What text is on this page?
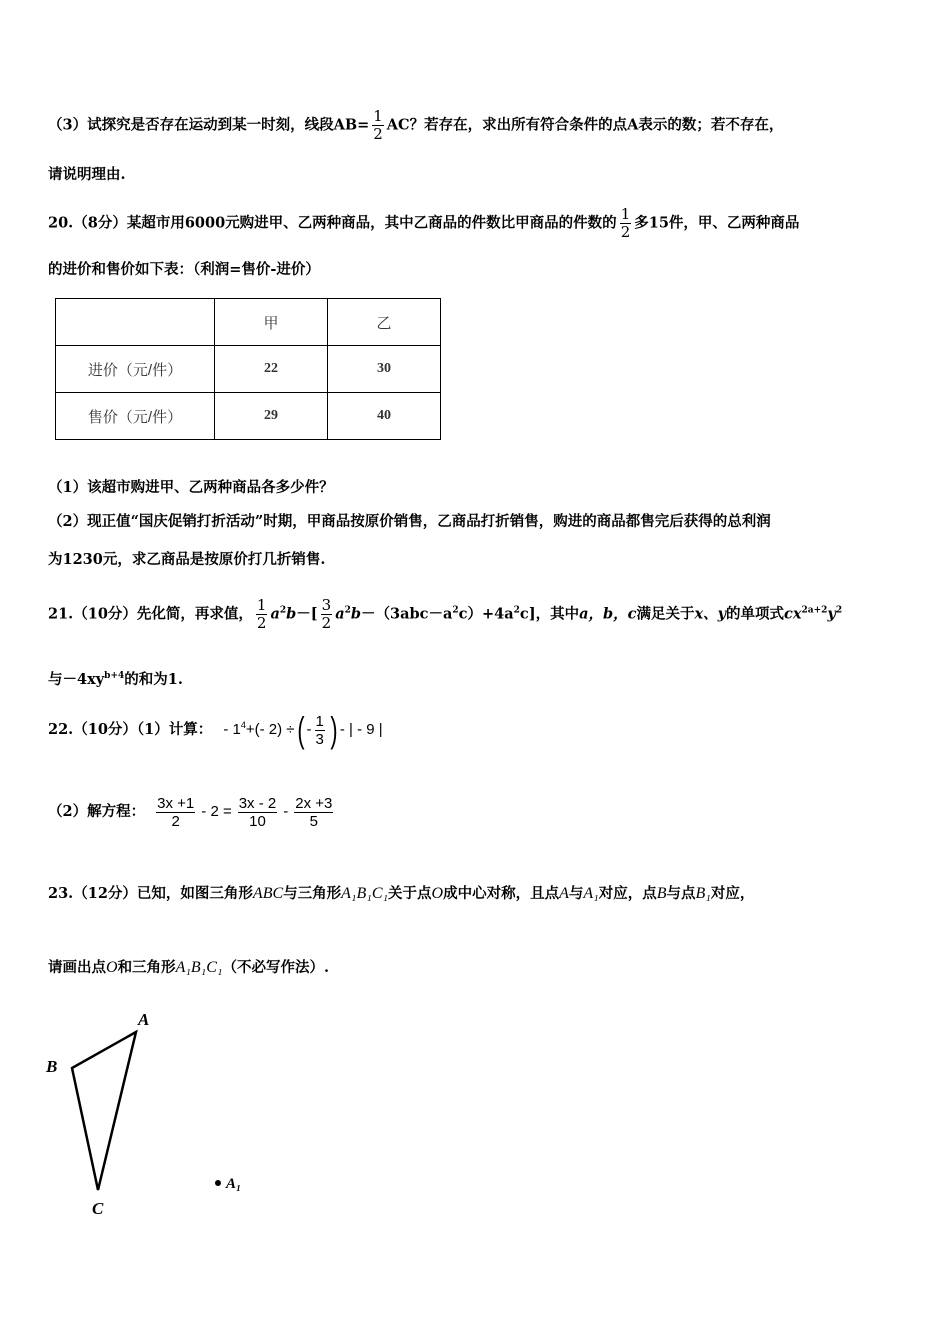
（3）试探究是否存在运动到某一时刻，线段$AB= \frac{1}{2}$ AC？若存在，求出所有符合条件的点A表示的数；若不存在，
请说明理由.
20.（8分）某超市用6000元购进甲、乙两种商品，其中乙商品的件数比甲商品的件数的 $\frac{1}{2}$ 多15件，甲、乙两种商品
的进价和售价如下表：（利润=售价-进价）
	甲	乙
进价（元/件）	22	30
售价（元/件）	29	40
（1）该超市购进甲、乙两种商品各多少件？
（2）现正值“国庆促销打折活动”时期，甲商品按原价销售，乙商品打折销售，购进的商品都售完后获得的总利润
为1230元，求乙商品是按原价打几折销售.
21.（10分）先化简，再求值， $\frac{1}{2} a^2b-[ \frac{3}{2} a^2b-(3abc-a^2c)+4a^2c]$，其中a，b，c满足关于x、y的单项式$cx^{2a+2}y^2$
与$-4xy^{b+4}$的和为1.
22.（10分）（1）计算： - $1^4+(-$ 2) ÷( - $\frac{1}{3}$ ) - | - 9 |
（2）解方程： $\frac{3x +1}{2} - 2 = \frac{3x - 2}{10} - \frac{2x +3}{5}$
23.（12分）已知，如图三角形ABC与三角形A₁B₁C₁关于点O成中心对称，且点A与A₁对应，点B与点B₁对应，
请画出点O和三角形A₁B₁C₁（不必写作法）.
A
B
C
A₁
